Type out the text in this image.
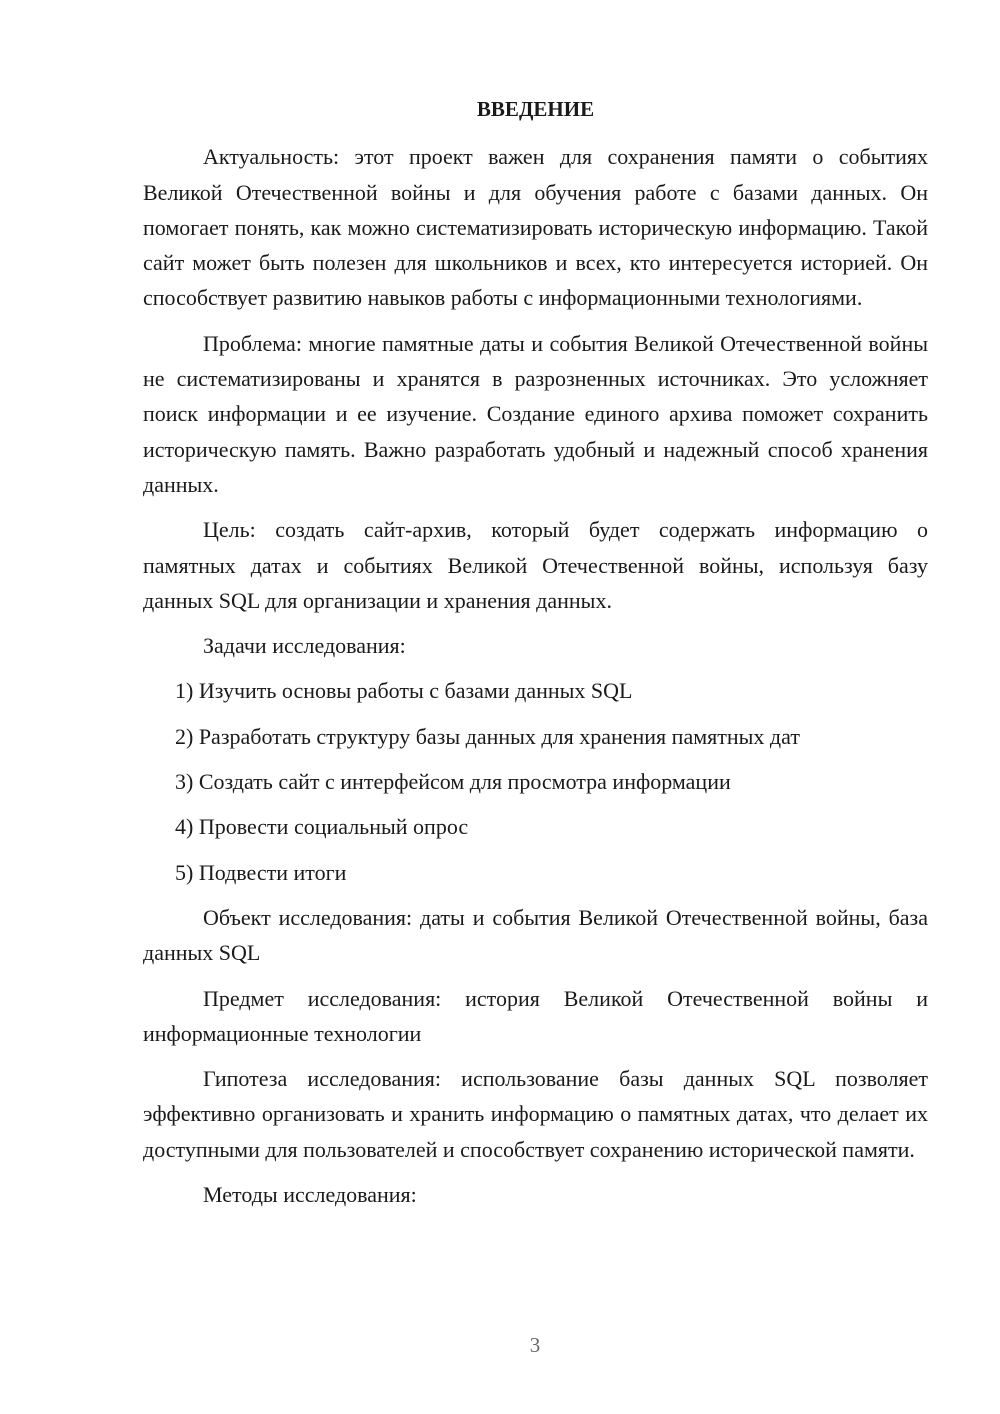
ВВЕДЕНИЕ

Актуальность: этот проект важен для сохранения памяти о событиях Великой Отечественной войны и для обучения работе с базами данных. Он помогает понять, как можно систематизировать историческую информацию. Такой сайт может быть полезен для школьников и всех, кто интересуется историей. Он способствует развитию навыков работы с информационными технологиями.

Проблема: многие памятные даты и события Великой Отечественной войны не систематизированы и хранятся в разрозненных источниках. Это усложняет поиск информации и ее изучение. Создание единого архива поможет сохранить историческую память. Важно разработать удобный и надежный способ хранения данных.

Цель: создать сайт-архив, который будет содержать информацию о памятных датах и событиях Великой Отечественной войны, используя базу данных SQL для организации и хранения данных.

Задачи исследования:

1) Изучить основы работы с базами данных SQL
2) Разработать структуру базы данных для хранения памятных дат
3) Создать сайт с интерфейсом для просмотра информации
4) Провести социальный опрос
5) Подвести итоги

Объект исследования: даты и события Великой Отечественной войны, база данных SQL

Предмет исследования: история Великой Отечественной войны и информационные технологии

Гипотеза исследования: использование базы данных SQL позволяет эффективно организовать и хранить информацию о памятных датах, что делает их доступными для пользователей и способствует сохранению исторической памяти.

Методы исследования:

3
